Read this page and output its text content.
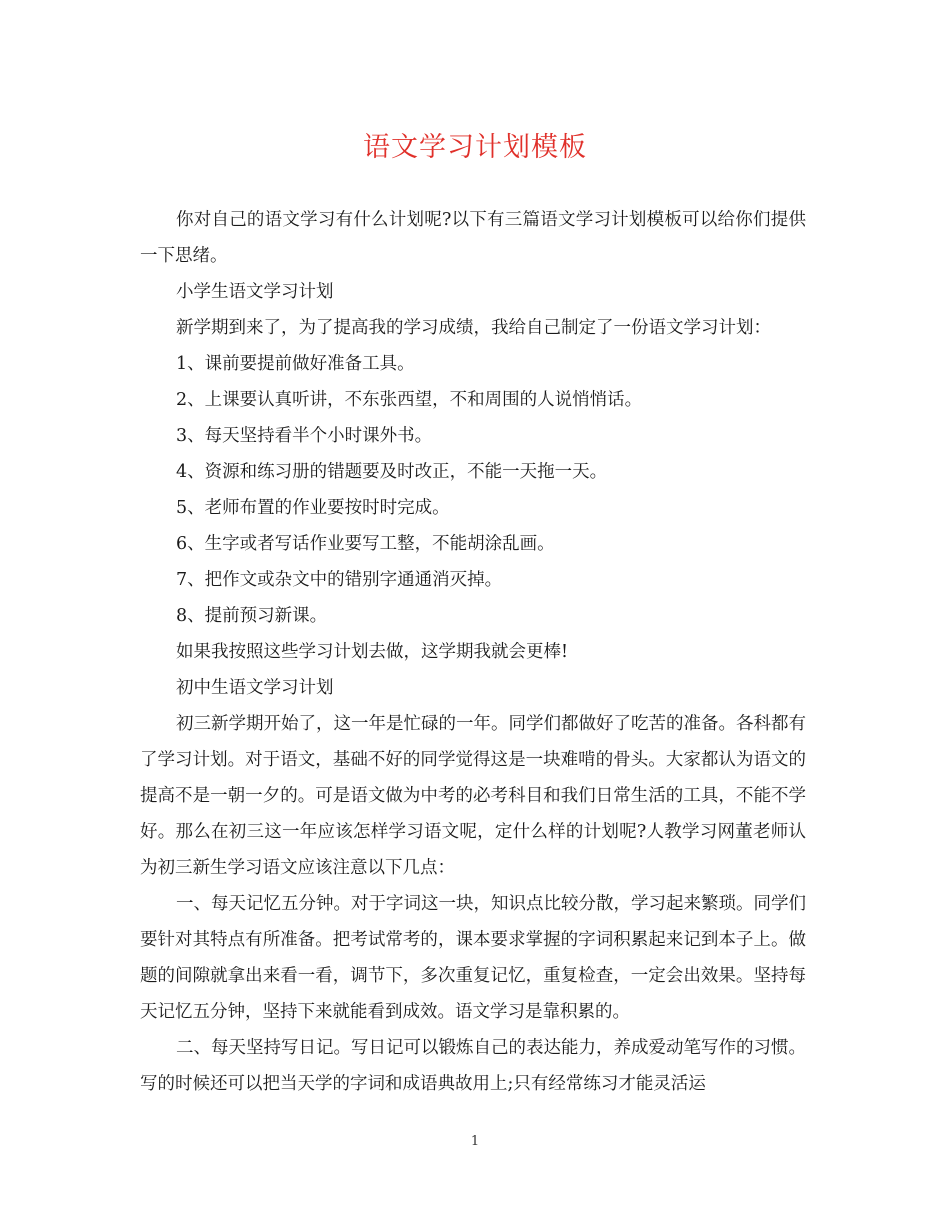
语文学习计划模板

你对自己的语文学习有什么计划呢?以下有三篇语文学习计划模板可以给你们提供一下思绪。

小学生语文学习计划

新学期到来了，为了提高我的学习成绩，我给自己制定了一份语文学习计划：

1、课前要提前做好准备工具。

2、上课要认真听讲，不东张西望，不和周围的人说悄悄话。

3、每天坚持看半个小时课外书。

4、资源和练习册的错题要及时改正，不能一天拖一天。

5、老师布置的作业要按时时完成。

6、生字或者写话作业要写工整，不能胡涂乱画。

7、把作文或杂文中的错别字通通消灭掉。

8、提前预习新课。

如果我按照这些学习计划去做，这学期我就会更棒!

初中生语文学习计划

初三新学期开始了，这一年是忙碌的一年。同学们都做好了吃苦的准备。各科都有了学习计划。对于语文，基础不好的同学觉得这是一块难啃的骨头。大家都认为语文的提高不是一朝一夕的。可是语文做为中考的必考科目和我们日常生活的工具，不能不学好。那么在初三这一年应该怎样学习语文呢，定什么样的计划呢?人教学习网董老师认为初三新生学习语文应该注意以下几点：

一、每天记忆五分钟。对于字词这一块，知识点比较分散，学习起来繁琐。同学们要针对其特点有所准备。把考试常考的，课本要求掌握的字词积累起来记到本子上。做题的间隙就拿出来看一看，调节下，多次重复记忆，重复检查，一定会出效果。坚持每天记忆五分钟，坚持下来就能看到成效。语文学习是靠积累的。

二、每天坚持写日记。写日记可以锻炼自己的表达能力，养成爱动笔写作的习惯。写的时候还可以把当天学的字词和成语典故用上;只有经常练习才能灵活运

1
